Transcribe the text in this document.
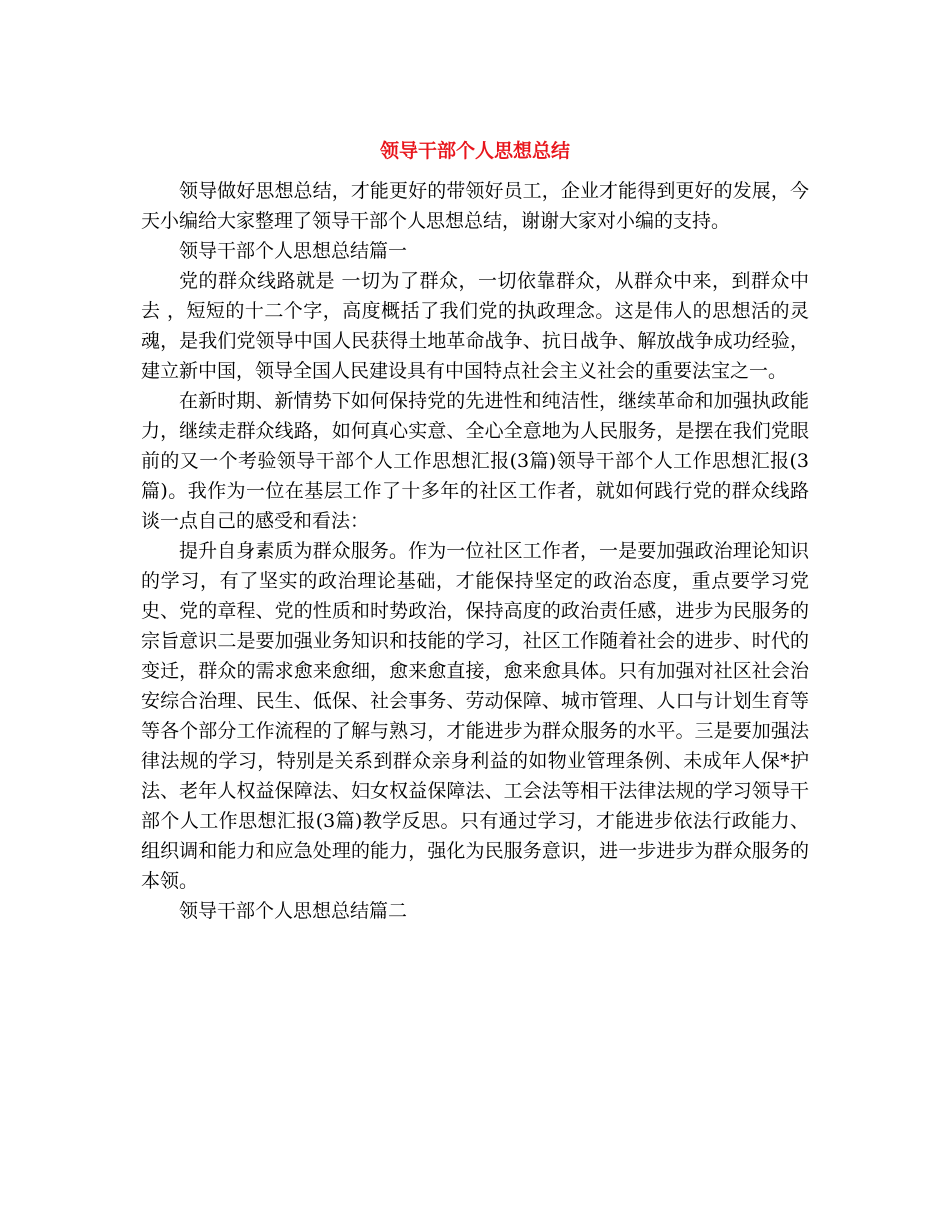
领导干部个人思想总结

领导做好思想总结，才能更好的带领好员工，企业才能得到更好的发展，今天小编给大家整理了领导干部个人思想总结，谢谢大家对小编的支持。

领导干部个人思想总结篇一

党的群众线路就是 一切为了群众，一切依靠群众，从群众中来，到群众中去 ，短短的十二个字，高度概括了我们党的执政理念。这是伟人的思想活的灵魂，是我们党领导中国人民获得土地革命战争、抗日战争、解放战争成功经验，建立新中国，领导全国人民建设具有中国特点社会主义社会的重要法宝之一。

在新时期、新情势下如何保持党的先进性和纯洁性，继续革命和加强执政能力，继续走群众线路，如何真心实意、全心全意地为人民服务，是摆在我们党眼前的又一个考验领导干部个人工作思想汇报(3篇)领导干部个人工作思想汇报(3篇)。我作为一位在基层工作了十多年的社区工作者，就如何践行党的群众线路谈一点自己的感受和看法：

提升自身素质为群众服务。作为一位社区工作者，一是要加强政治理论知识的学习，有了坚实的政治理论基础，才能保持坚定的政治态度，重点要学习党史、党的章程、党的性质和时势政治，保持高度的政治责任感，进步为民服务的宗旨意识二是要加强业务知识和技能的学习，社区工作随着社会的进步、时代的变迁，群众的需求愈来愈细，愈来愈直接，愈来愈具体。只有加强对社区社会治安综合治理、民生、低保、社会事务、劳动保障、城市管理、人口与计划生育等等各个部分工作流程的了解与熟习，才能进步为群众服务的水平。三是要加强法律法规的学习，特别是关系到群众亲身利益的如物业管理条例、未成年人保*护法、老年人权益保障法、妇女权益保障法、工会法等相干法律法规的学习领导干部个人工作思想汇报(3篇)教学反思。只有通过学习，才能进步依法行政能力、组织调和能力和应急处理的能力，强化为民服务意识，进一步进步为群众服务的本领。

领导干部个人思想总结篇二
